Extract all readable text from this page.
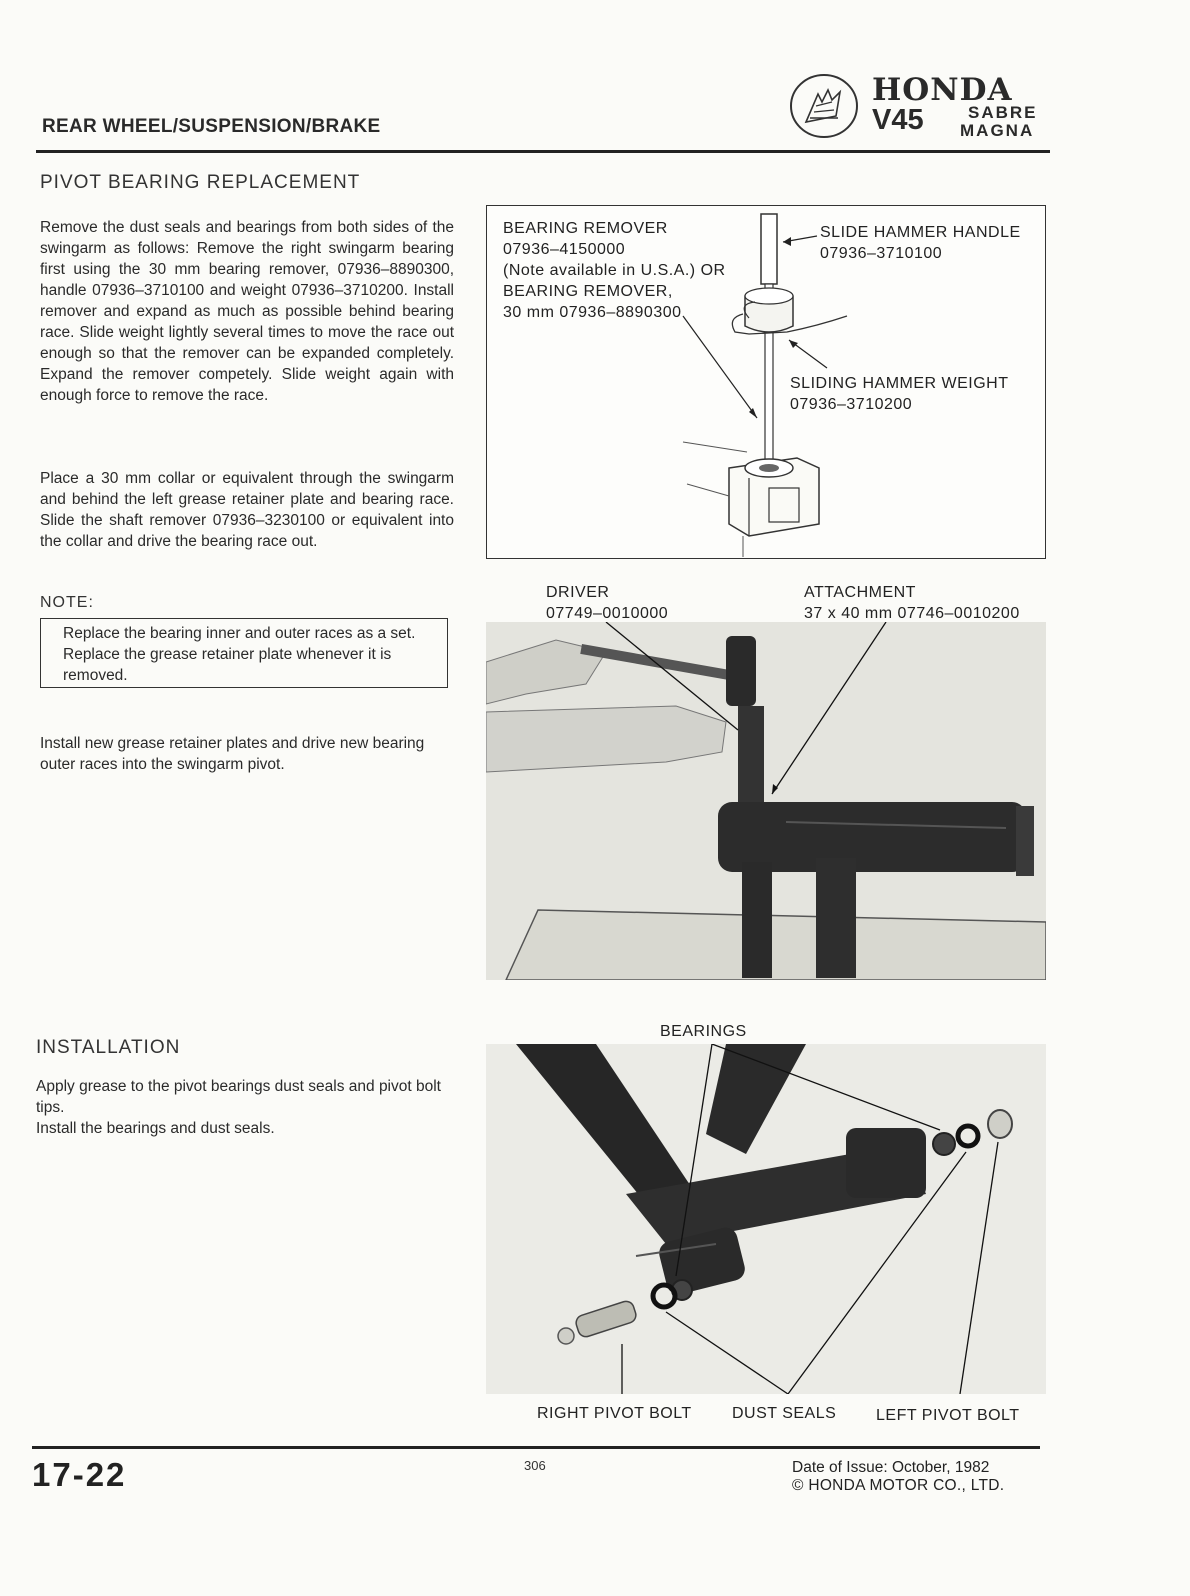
REAR WHEEL/SUSPENSION/BRAKE
HONDA
V45	SABRE
MAGNA
PIVOT BEARING REPLACEMENT

Remove the dust seals and bearings from both sides of the swingarm as follows: Remove the right swingarm bearing first using the 30 mm bearing remover, 07936–8890300, handle 07936–3710100 and weight 07936–3710200. Install remover and expand as much as possible behind bearing race. Slide weight lightly several times to move the race out enough so that the remover can be expanded completely. Expand the remover competely. Slide weight again with enough force to remove the race.

Place a 30 mm collar or equivalent through the swingarm and behind the left grease retainer plate and bearing race. Slide the shaft remover 07936–3230100 or equivalent into the collar and drive the bearing race out.

NOTE:
Replace the bearing inner and outer races as a set. Replace the grease retainer plate whenever it is removed.

Install new grease retainer plates and drive new bearing outer races into the swingarm pivot.

BEARING REMOVER
07936–4150000
(Note available in U.S.A.) OR
BEARING REMOVER,
30 mm 07936–8890300
SLIDE HAMMER HANDLE
07936–3710100
SLIDING HAMMER WEIGHT
07936–3710200
DRIVER
07749–0010000
ATTACHMENT
37 x 40 mm 07746–0010200
INSTALLATION

Apply grease to the pivot bearings dust seals and pivot bolt tips.

Install the bearings and dust seals.

BEARINGS
RIGHT PIVOT BOLT	DUST SEALS LEFT PIVOT BOLT
17-22	306	Date of Issue: October, 1982
© HONDA MOTOR CO., LTD.
